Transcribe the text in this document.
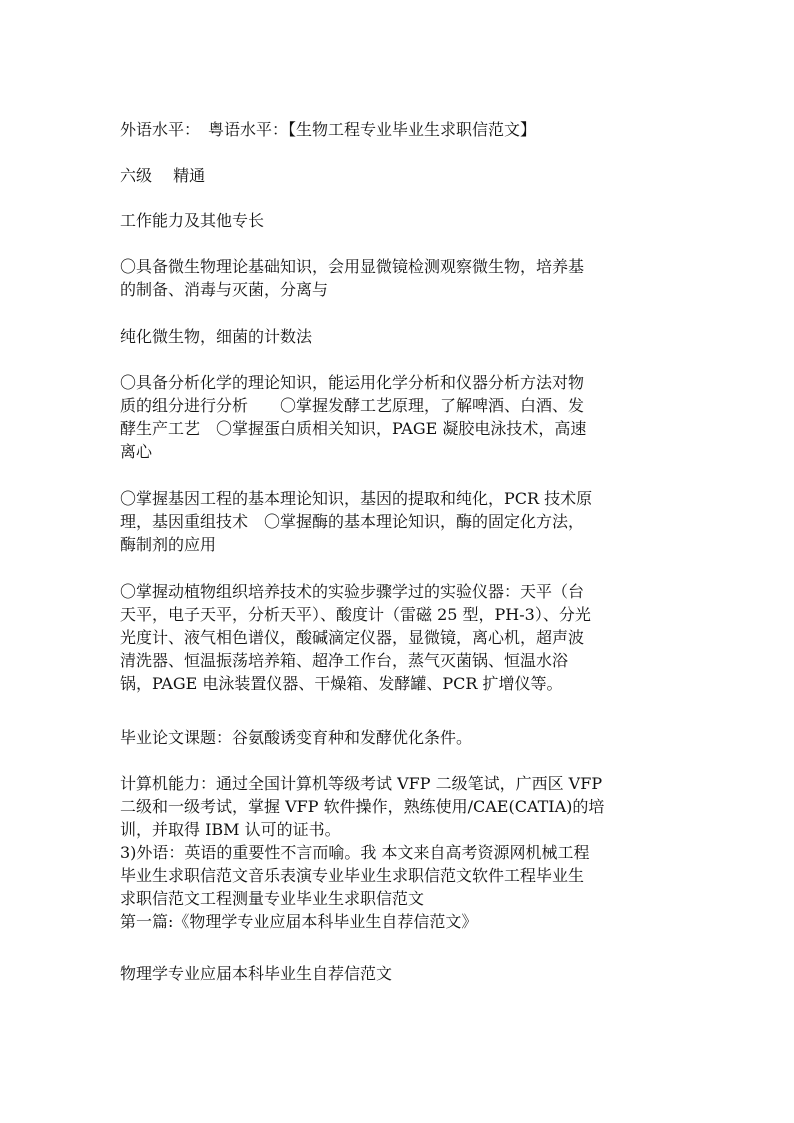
外语水平：　粤语水平：【生物工程专业毕业生求职信范文】

六级　 精通

工作能力及其他专长

〇具备微生物理论基础知识，会用显微镜检测观察微生物，培养基
的制备、消毒与灭菌，分离与

纯化微生物，细菌的计数法

〇具备分析化学的理论知识，能运用化学分析和仪器分析方法对物
质的组分进行分析　　〇掌握发酵工艺原理，了解啤酒、白酒、发
酵生产工艺　〇掌握蛋白质相关知识，PAGE 凝胶电泳技术，高速
离心

〇掌握基因工程的基本理论知识，基因的提取和纯化，PCR 技术原
理，基因重组技术　〇掌握酶的基本理论知识，酶的固定化方法，
酶制剂的应用

〇掌握动植物组织培养技术的实验步骤学过的实验仪器：天平（台
天平，电子天平，分析天平）、酸度计（雷磁 25 型，PH-3）、分光
光度计、液气相色谱仪，酸碱滴定仪器，显微镜，离心机，超声波
清洗器、恒温振荡培养箱、超净工作台，蒸气灭菌锅、恒温水浴
锅，PAGE 电泳装置仪器、干燥箱、发酵罐、PCR 扩增仪等。

毕业论文课题：谷氨酸诱变育种和发酵优化条件。

计算机能力：通过全国计算机等级考试 VFP 二级笔试，广西区 VFP
二级和一级考试，掌握 VFP 软件操作，熟练使用/CAE(CATIA)的培
训，并取得 IBM 认可的证书。
3)外语：英语的重要性不言而喻。我 本文来自高考资源网机械工程
毕业生求职信范文音乐表演专业毕业生求职信范文软件工程毕业生
求职信范文工程测量专业毕业生求职信范文
第一篇:《物理学专业应届本科毕业生自荐信范文》

物理学专业应届本科毕业生自荐信范文
